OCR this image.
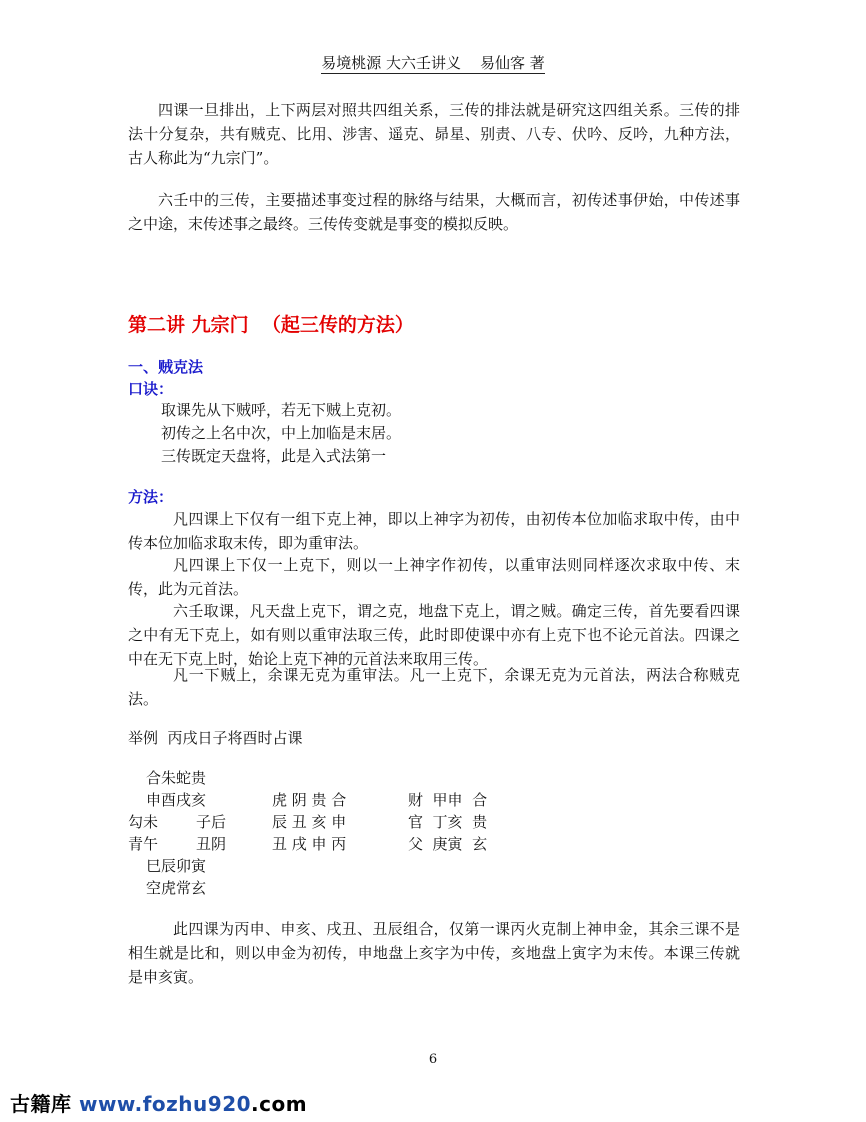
易境桃源 大六壬讲义    易仙客 著

四课一旦排出，上下两层对照共四组关系，三传的排法就是研究这四组关系。三传的排法十分复杂，共有贼克、比用、涉害、遥克、昴星、别责、八专、伏吟、反吟，九种方法，古人称此为“九宗门”。

六壬中的三传，主要描述事变过程的脉络与结果，大概而言，初传述事伊始，中传述事之中途，末传述事之最终。三传传变就是事变的模拟反映。

第二讲 九宗门  （起三传的方法）
一、贼克法
口诀：
取课先从下贼呼，若无下贼上克初。
初传之上名中次，中上加临是末居。
三传既定天盘将，此是入式法第一
方法：

凡四课上下仅有一组下克上神，即以上神字为初传，由初传本位加临求取中传，由中传本位加临求取末传，即为重审法。

凡四课上下仅一上克下，则以一上神字作初传，以重审法则同样逐次求取中传、末传，此为元首法。

六壬取课，凡天盘上克下，谓之克，地盘下克上，谓之贼。确定三传，首先要看四课之中有无下克上，如有则以重审法取三传，此时即使课中亦有上克下也不论元首法。四课之中在无下克上时，始论上克下神的元首法来取用三传。

凡一下贼上，余课无克为重审法。凡一上克下，余课无克为元首法，两法合称贼克法。

举例  丙戌日子将酉时占课
合朱蛇贵
申酉戌亥
勾未	子后
青午	丑阴
巳辰卯寅
空虎常玄
虎 阴 贵 合
辰 丑 亥 申
丑 戌 申 丙
财  甲申  合
官  丁亥  贵
父  庚寅  玄

此四课为丙申、申亥、戌丑、丑辰组合，仅第一课丙火克制上神申金，其余三课不是相生就是比和，则以申金为初传，申地盘上亥字为中传，亥地盘上寅字为末传。本课三传就是申亥寅。

6
古籍库 www.fozhu920.com
